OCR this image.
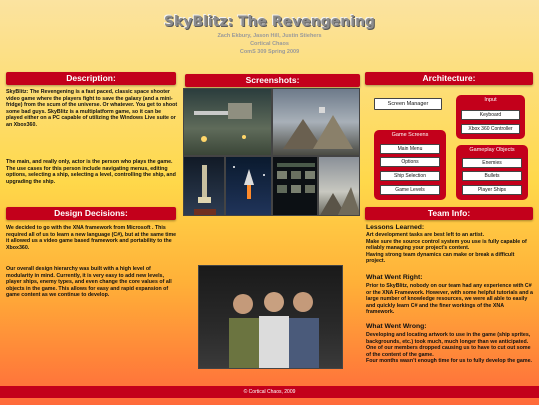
SkyBlitz: The Revengening
Zach Ekbury, Jason Hill, Justin Stiehers
Cortical Chaos
ComS 309 Spring 2009
Description:	Screenshots:	Architecture:
Design Decisions:	Team Info:
SkyBlitz: The Revengening is a fast paced, classic space shooter video game where the players fight to save the galaxy (and a mini-fridge) from the scum of the universe. Or whatever. You get to shoot some bad guys. SkyBlitz is a multiplatform game, so it can be played either on a PC capable of utilizing the Windows Live suite or an Xbox360.
The main, and really only, actor is the person who plays the game. The use cases for this person include navigating menus, editing options, selecting a ship, selecting a level, controlling the ship, and upgrading the ship.
We decided to go with the XNA framework from Microsoft . This required all of us to learn a new language (C#), but at the same time it allowed us a video game based framework and portability to the Xbox360.
Our overall design hierarchy was built with a high level of modularity in mind. Currently, it is very easy to add new levels, player ships, enemy types, and even change the core values of all objects in the game. This allows for easy and rapid expansion of game content as we continue to develop.
Screen Manager
Input
Keyboard
Xbox 360 Controller
Game Screens
Main Menu
Options
Ship Selection
Game Levels
Gameplay Objects
Enemies
Bullets
Player Ships
Lessons Learned:
Art development tasks are best left to an artist.
Make sure the source control system you use is fully capable of reliably managing your project’s content.
Having strong team dynamics can make or break a difficult project.
What Went Right:
Prior to SkyBlitz, nobody on our team had any experience with C# or the XNA Framework. However, with some helpful tutorials and a large number of knowledge resources, we were all able to easily and quickly learn C# and the finer workings of the XNA framework.
What Went Wrong:
Developing and locating artwork to use in the game (ship sprites, backgrounds, etc.) took much, much longer than we anticipated.
One of our members dropped causing us to have to cut out some of the content of the game.
Four months wasn’t enough time for us to fully develop the game.
© Cortical Chaos, 2009
